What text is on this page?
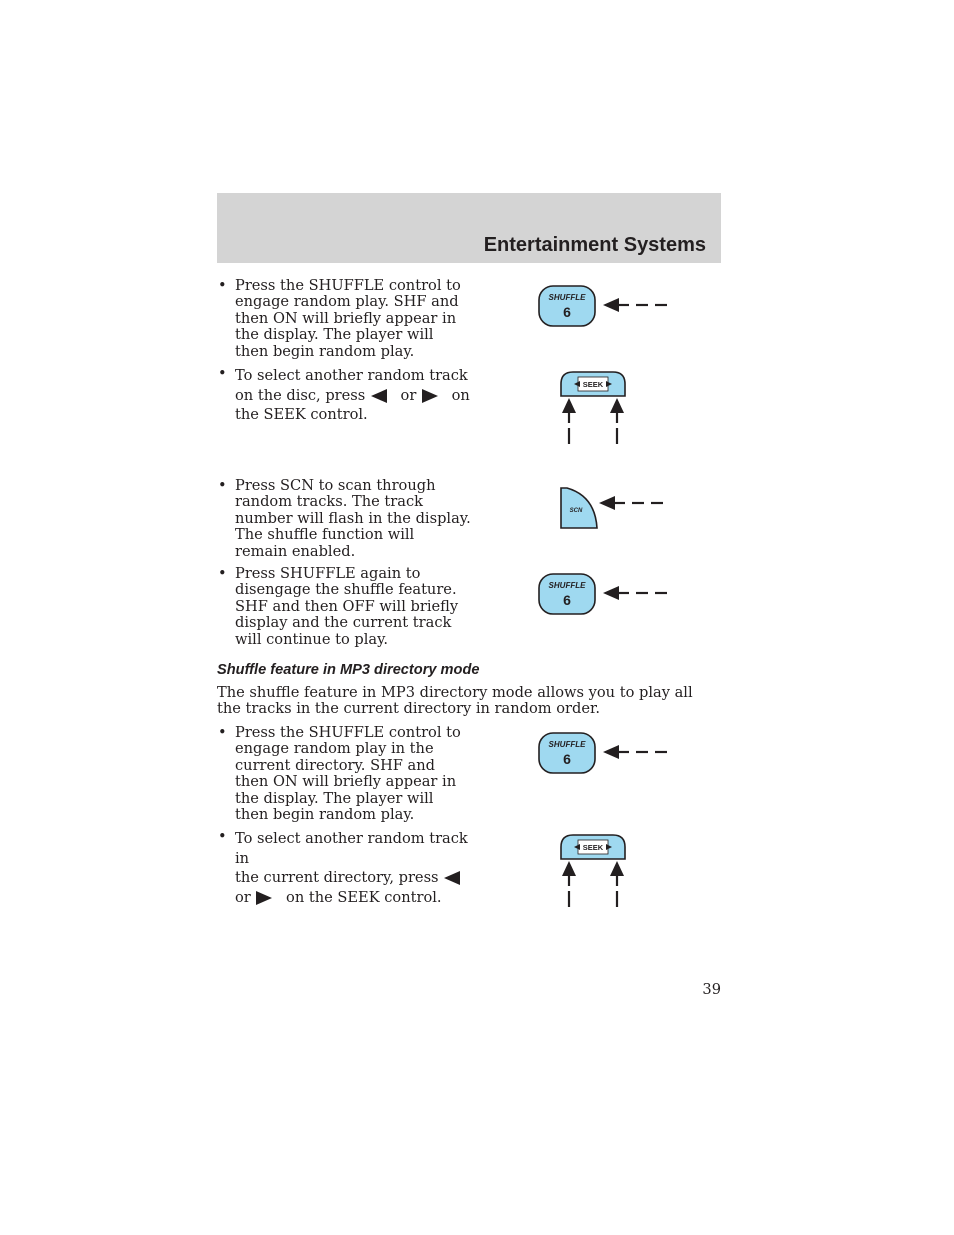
Entertainment Systems
• Press the SHUFFLE control to engage random play. SHF and then ON will briefly appear in the display. The player will then begin random play.

• To select another random track
on the disc, press or on
the SEEK control.
• Press SCN to scan through random tracks. The track number will flash in the display. The shuffle function will remain enabled.

• Press SHUFFLE again to disengage the shuffle feature. SHF and then OFF will briefly display and the current track will continue to play.

Shuffle feature in MP3 directory mode

The shuffle feature in MP3 directory mode allows you to play all the tracks in the current directory in random order.

• Press the SHUFFLE control to engage random play in the current directory. SHF and then ON will briefly appear in the display. The player will then begin random play.

• To select another random track in
the current directory, press
or on the SEEK control.
SHUFFLE
6
SEEK
SCN
SHUFFLE
6
SHUFFLE
6
SEEK
39
